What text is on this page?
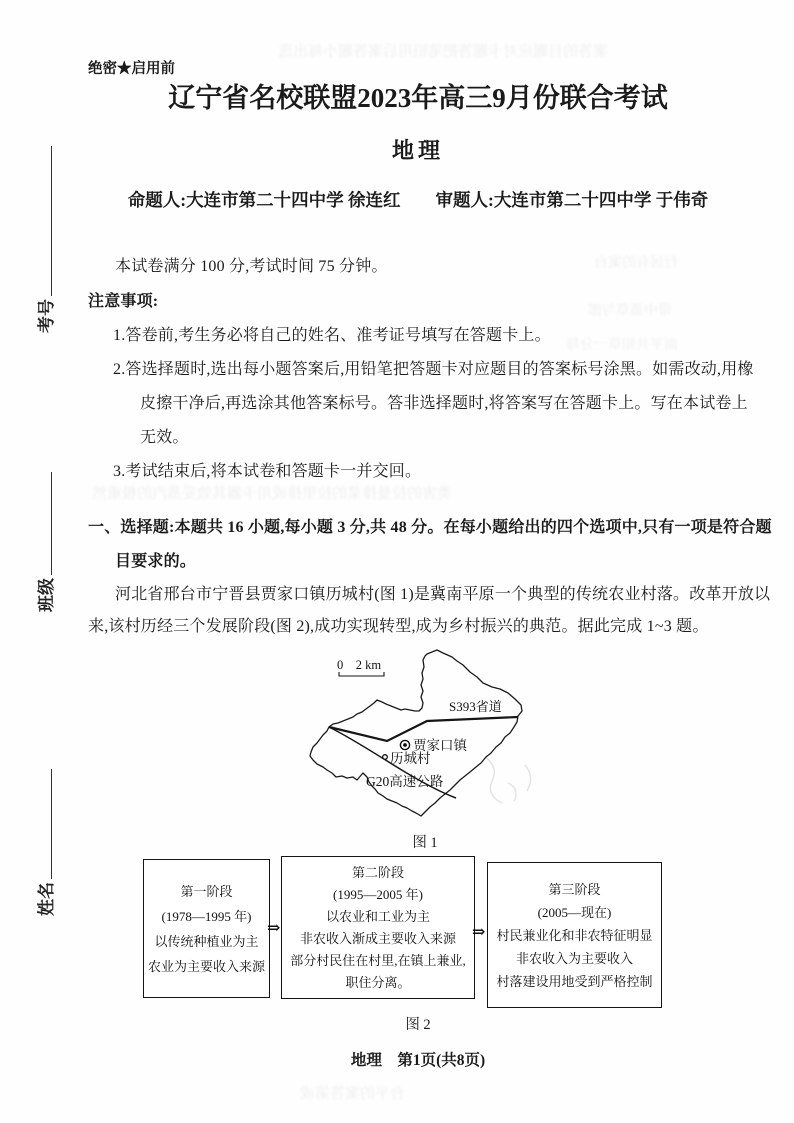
案答的目题应对卡题答把笔铅用后案答题小每出选
行居有的案台
带中蒸草与郎
面平共知草一分每
类害的拉曼排菜的拉里排或用卡器其效妥蒸汽的极重然
台平的案答第或
考号
班级
姓名
绝密★启用前
辽宁省名校联盟2023年高三9月份联合考试
地理
命题人:大连市第二十四中学 徐连红　　审题人:大连市第二十四中学 于伟奇
本试卷满分 100 分,考试时间 75 分钟。
注意事项:
1.答卷前,考生务必将自己的姓名、准考证号填写在答题卡上。
2.答选择题时,选出每小题答案后,用铅笔把答题卡对应题目的答案标号涂黑。如需改动,用橡
皮擦干净后,再选涂其他答案标号。答非选择题时,将答案写在答题卡上。写在本试卷上
无效。
3.考试结束后,将本试卷和答题卡一并交回。
一、选择题:本题共 16 小题,每小题 3 分,共 48 分。在每小题给出的四个选项中,只有一项是符合题
目要求的。
河北省邢台市宁晋县贾家口镇历城村(图 1)是冀南平原一个典型的传统农业村落。改革开放以
来,该村历经三个发展阶段(图 2),成功实现转型,成为乡村振兴的典范。据此完成 1~3 题。
0　2 km
S393省道
贾家口镇
历城村
G20高速公路
图 1
第一阶段
(1978—1995 年)
以传统种植业为主
农业为主要收入来源
⇒
第二阶段
(1995—2005 年)
以农业和工业为主
非农收入渐成主要收入来源
部分村民住在村里,在镇上兼业,
职住分离。
⇒
第三阶段
(2005—现在)
村民兼业化和非农特征明显
非农收入为主要收入
村落建设用地受到严格控制
图 2
地理　第1页(共8页)
